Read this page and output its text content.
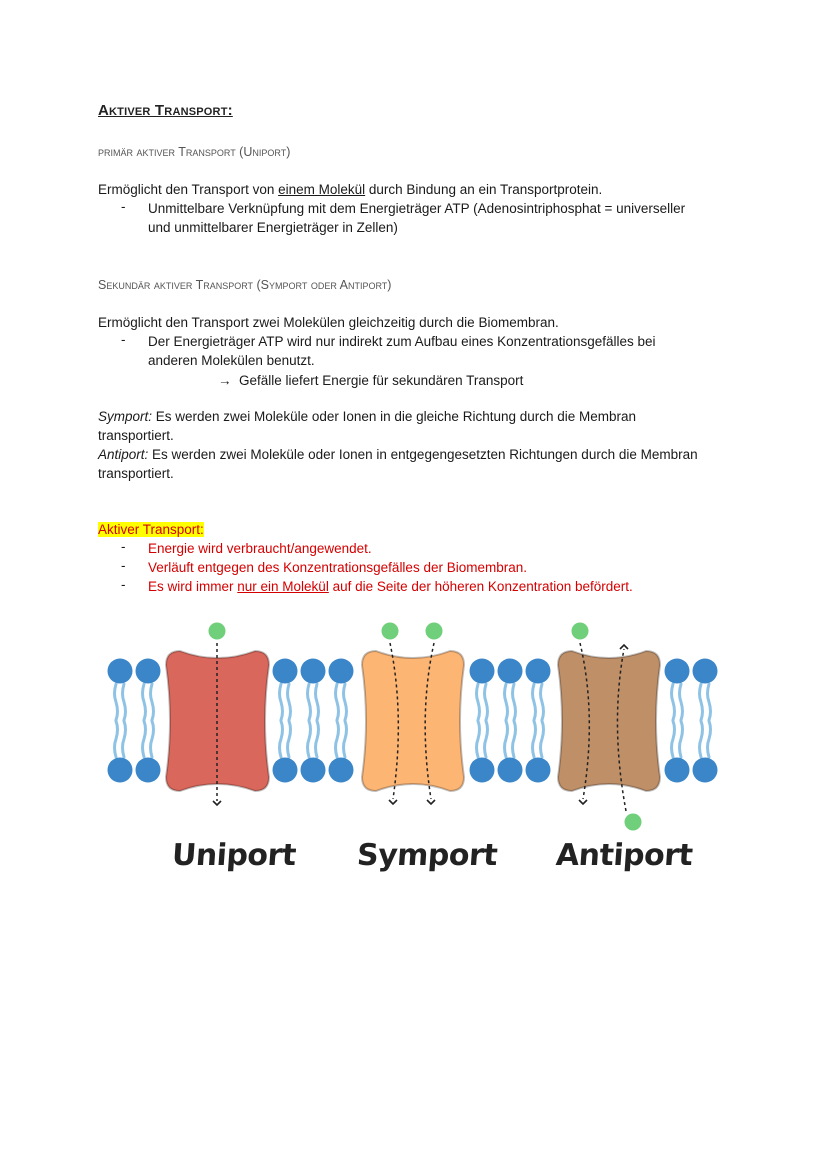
Aktiver Transport:
primär aktiver Transport (Uniport)
Ermöglicht den Transport von einem Molekül durch Bindung an ein Transportprotein.
- Unmittelbare Verknüpfung mit dem Energieträger ATP (Adenosintriphosphat = universeller
und unmittelbarer Energieträger in Zellen)
Sekundär aktiver Transport (Symport oder Antiport)
Ermöglicht den Transport zwei Molekülen gleichzeitig durch die Biomembran.
- Der Energieträger ATP wird nur indirekt zum Aufbau eines Konzentrationsgefälles bei
anderen Molekülen benutzt.
→ Gefälle liefert Energie für sekundären Transport
Symport: Es werden zwei Moleküle oder Ionen in die gleiche Richtung durch die Membran
transportiert.
Antiport: Es werden zwei Moleküle oder Ionen in entgegengesetzten Richtungen durch die Membran
transportiert.
Aktiver Transport:
- Energie wird verbraucht/angewendet.
- Verläuft entgegen des Konzentrationsgefälles der Biomembran.
- Es wird immer nur ein Molekül auf die Seite der höheren Konzentration befördert.
Uniport Symport Antiport
